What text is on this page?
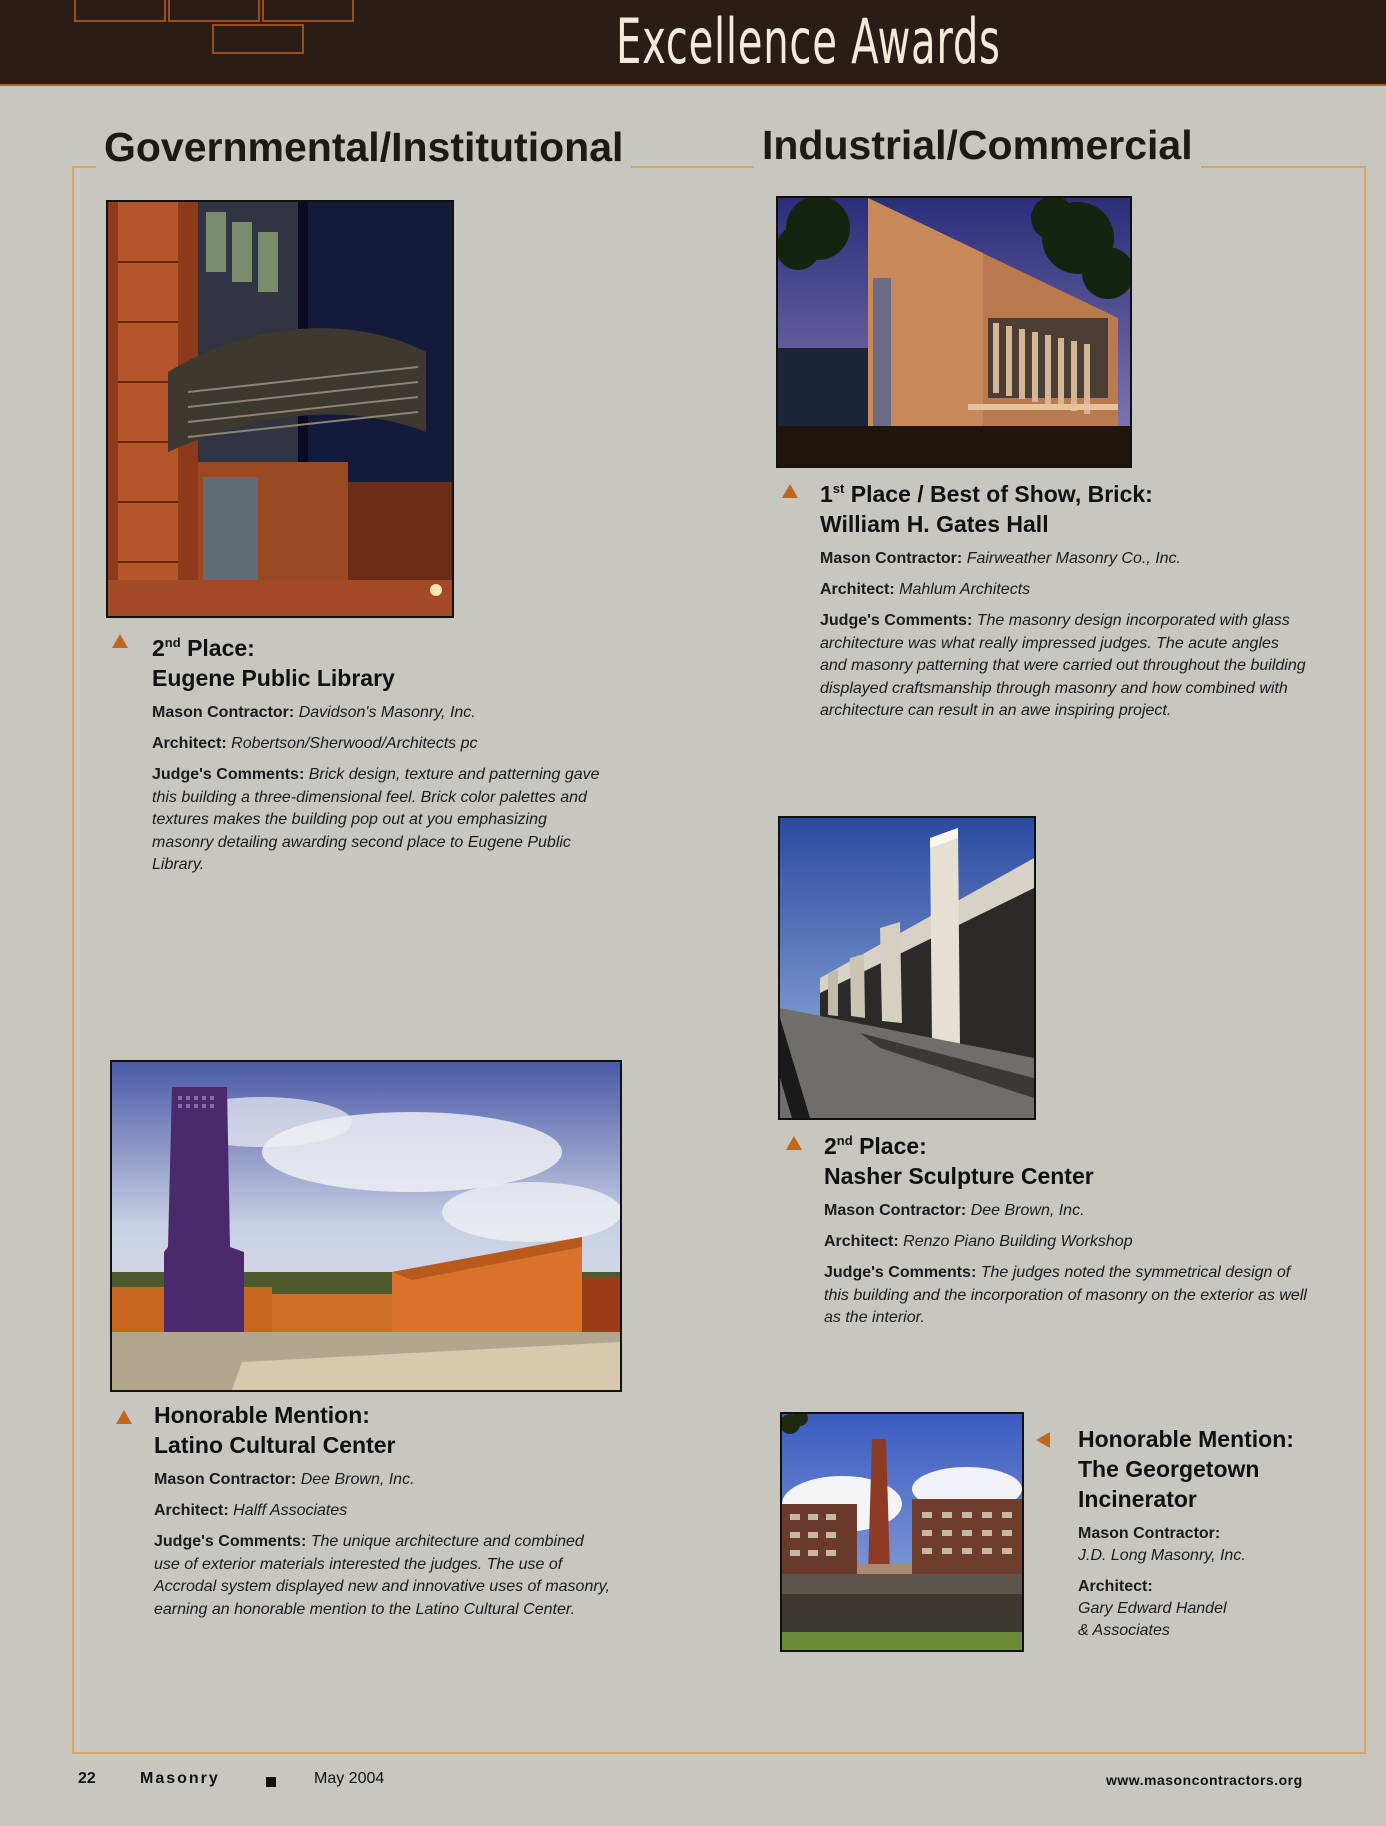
Excellence Awards
Governmental/Institutional	Industrial/Commercial
2nd Place:
Eugene Public Library
Mason Contractor: Davidson's Masonry, Inc.
Architect: Robertson/Sherwood/Architects pc
Judge's Comments: Brick design, texture and patterning gave this building a three-dimensional feel. Brick color palettes and textures makes the building pop out at you emphasizing masonry detailing awarding second place to Eugene Public Library.
Honorable Mention:
Latino Cultural Center
Mason Contractor: Dee Brown, Inc.
Architect: Halff Associates
Judge's Comments: The unique architecture and combined use of exterior materials interested the judges. The use of Accrodal system displayed new and innovative uses of masonry, earning an honorable mention to the Latino Cultural Center.
1st Place / Best of Show, Brick:
William H. Gates Hall
Mason Contractor: Fairweather Masonry Co., Inc.
Architect: Mahlum Architects
Judge's Comments: The masonry design incorporated with glass architecture was what really impressed judges. The acute angles and masonry patterning that were carried out throughout the building displayed craftsmanship through masonry and how combined with architecture can result in an awe inspiring project.
2nd Place:
Nasher Sculpture Center
Mason Contractor: Dee Brown, Inc.
Architect: Renzo Piano Building Workshop
Judge's Comments: The judges noted the symmetrical design of this building and the incorporation of masonry on the exterior as well as the interior.
Honorable Mention:
The Georgetown
Incinerator
Mason Contractor:
J.D. Long Masonry, Inc.
Architect:
Gary Edward Handel
& Associates
22	Masonry	May 2004	www.masoncontractors.org
